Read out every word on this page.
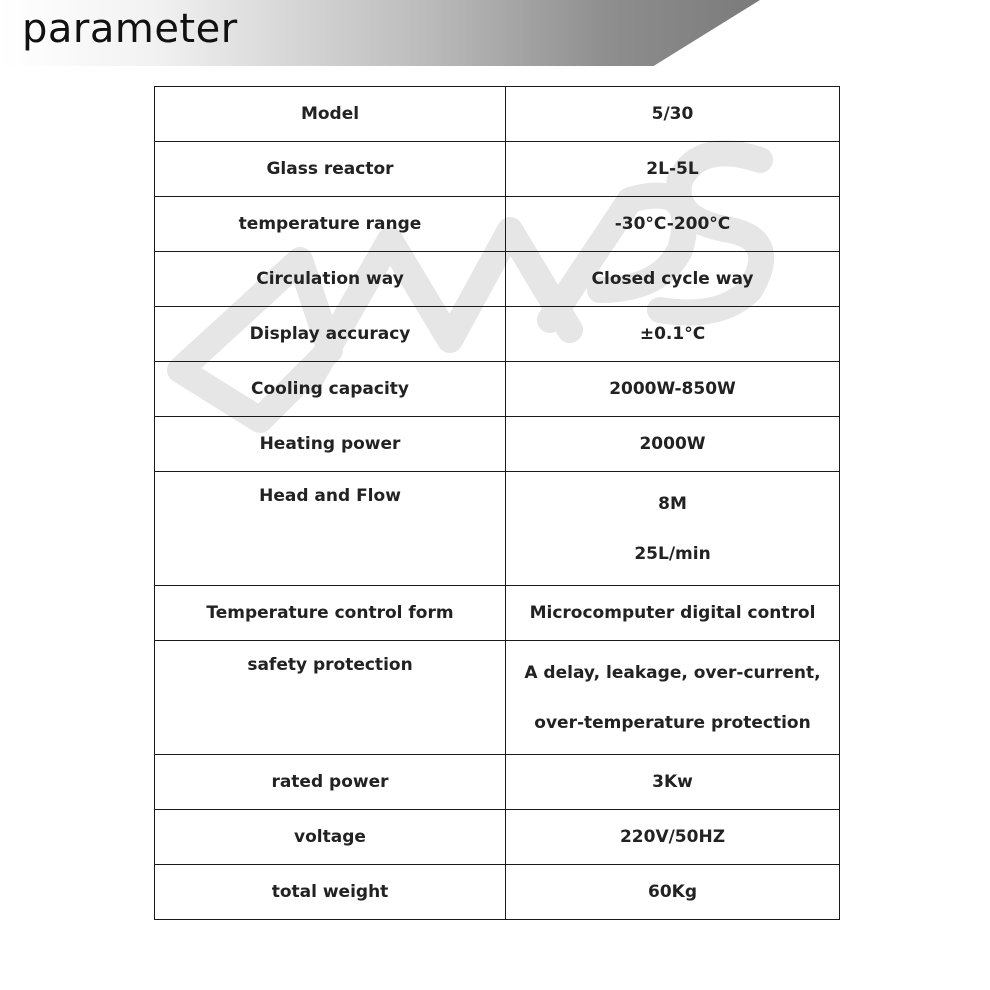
parameter
Model	5/30
Glass reactor	2L-5L
temperature range	-30°C-200°C
Circulation way	Closed cycle way
Display accuracy	±0.1°C
Cooling capacity	2000W-850W
Heating power	2000W
Head and Flow	8M
25L/min

Temperature control form	Microcomputer digital control
safety protection	A delay, leakage, over-current,
over-temperature protection

rated power	3Kw
voltage	220V/50HZ
total weight	60Kg
